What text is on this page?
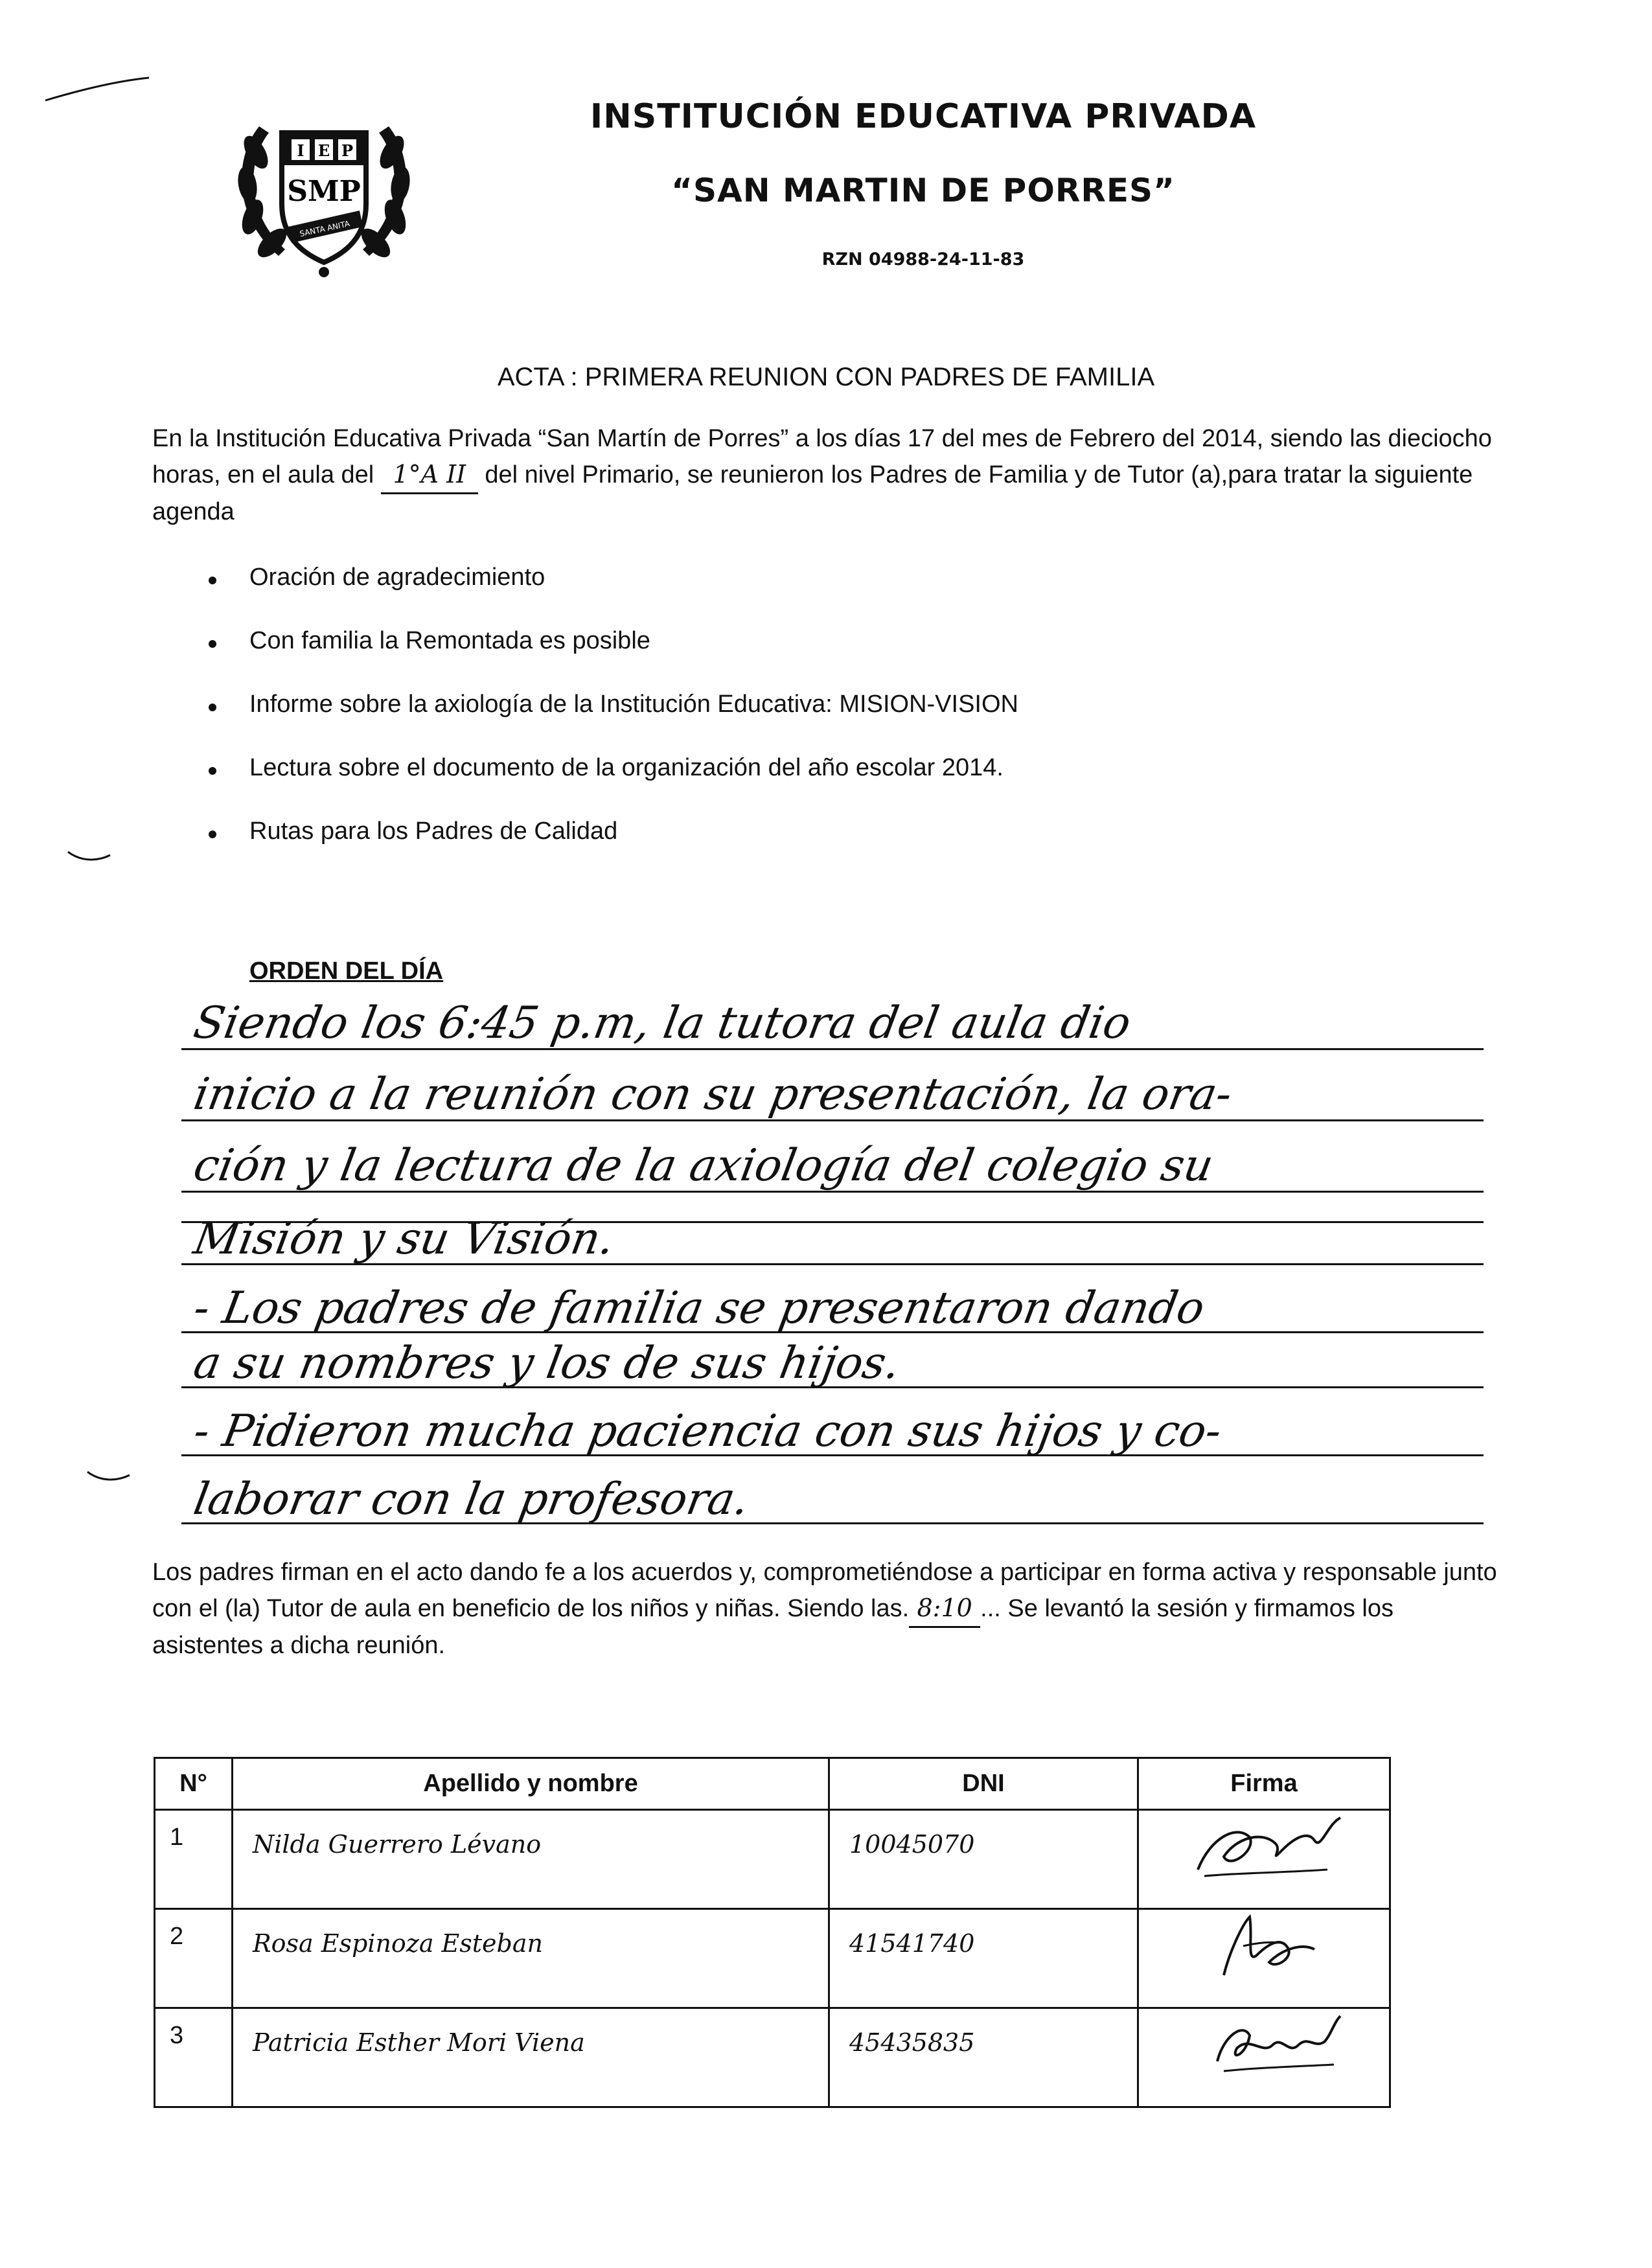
I E P
SMP
SANTA ANITA
INSTITUCIÓN EDUCATIVA PRIVADA
“SAN MARTIN DE PORRES”
RZN 04988-24-11-83
ACTA : PRIMERA REUNION CON PADRES DE FAMILIA
En la Institución Educativa Privada “San Martín de Porres” a los días 17 del mes de Febrero del 2014, siendo las dieciocho horas, en el aula del 1°A II del nivel Primario, se reunieron los Padres de Familia y de Tutor (a),para tratar la siguiente agenda
Oración de agradecimiento
Con familia la Remontada es posible
Informe sobre la axiología de la Institución Educativa: MISION-VISION
Lectura sobre el documento de la organización del año escolar 2014.
Rutas para los Padres de Calidad
ORDEN DEL DÍA
Siendo los 6:45 p.m, la tutora del aula dio
inicio a la reunión con su presentación, la ora-
ción y la lectura de la axiología del colegio su
Misión y su Visión.
- Los padres de familia se presentaron dando
a su nombres y los de sus hijos.
- Pidieron mucha paciencia con sus hijos y co-
laborar con la profesora.
Los padres firman en el acto dando fe a los acuerdos y, comprometiéndose a participar en forma activa y responsable junto con el (la) Tutor de aula en beneficio de los niños y niñas. Siendo las. 8:10 ... Se levantó la sesión y firmamos los asistentes a dicha reunión.
N°	Apellido y nombre	DNI	Firma
1	Nilda Guerrero Lévano	10045070	

2	Rosa Espinoza Esteban	41541740	

3	Patricia Esther Mori Viena	45435835	
